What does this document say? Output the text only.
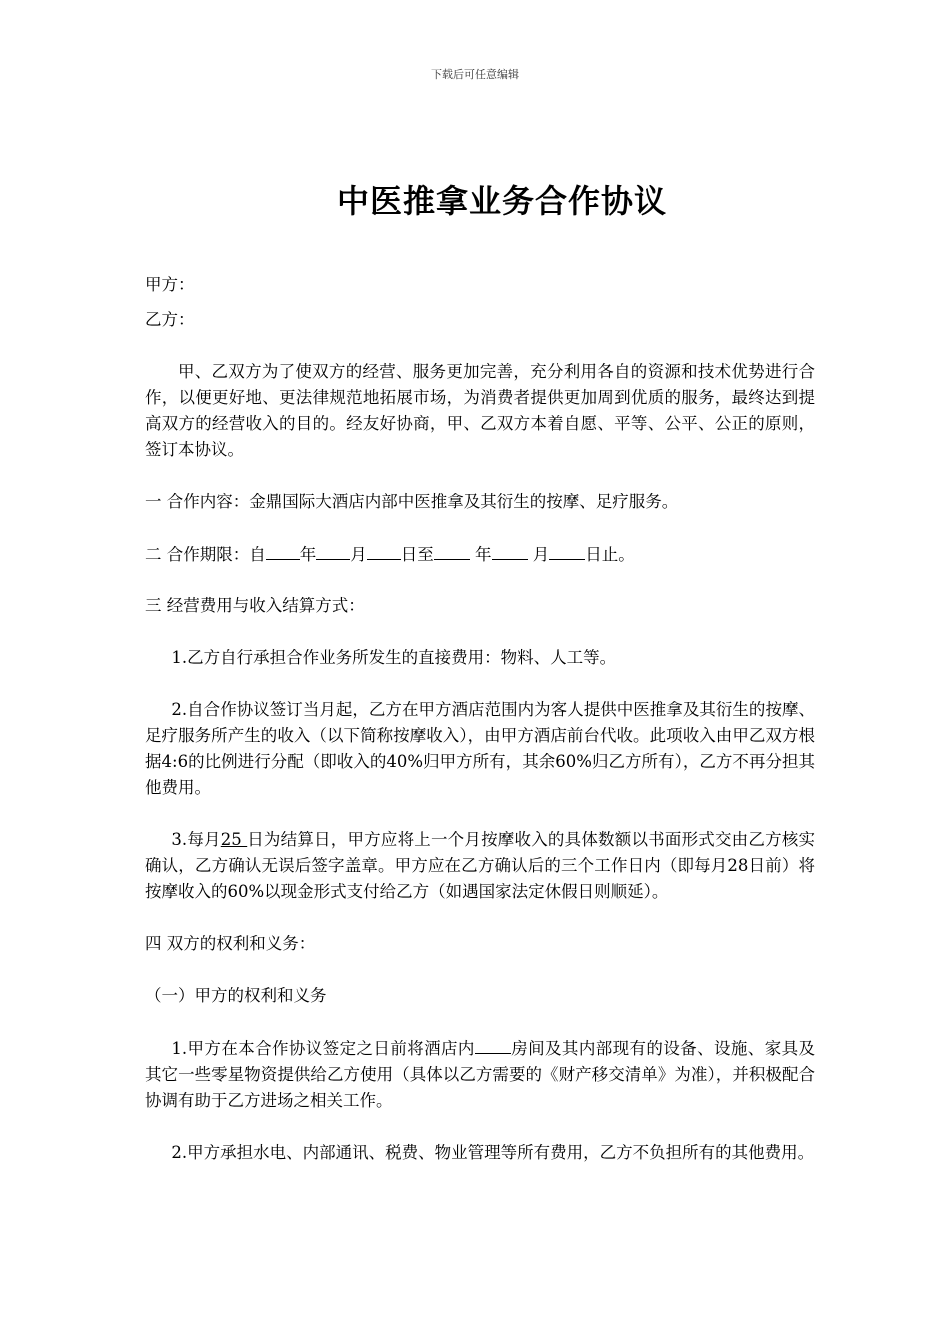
下载后可任意编辑
中医推拿业务合作协议
甲方：
乙方：

甲、乙双方为了使双方的经营、服务更加完善，充分利用各自的资源和技术优势进行合作，以便更好地、更法律规范地拓展市场，为消费者提供更加周到优质的服务，最终达到提高双方的经营收入的目的。经友好协商，甲、乙双方本着自愿、平等、公平、公正的原则，签订本协议。

一 合作内容：金鼎国际大酒店内部中医推拿及其衍生的按摩、足疗服务。
二 合作期限：自 年 月 日至 年 月 日止。
三 经营费用与收入结算方式：

1.乙方自行承担合作业务所发生的直接费用：物料、人工等。

2.自合作协议签订当月起，乙方在甲方酒店范围内为客人提供中医推拿及其衍生的按摩、足疗服务所产生的收入（以下简称按摩收入），由甲方酒店前台代收。此项收入由甲乙双方根据4:6的比例进行分配（即收入的40%归甲方所有，其余60%归乙方所有），乙方不再分担其他费用。

3.每月25 日为结算日，甲方应将上一个月按摩收入的具体数额以书面形式交由乙方核实确认，乙方确认无误后签字盖章。甲方应在乙方确认后的三个工作日内（即每月28日前）将按摩收入的60%以现金形式支付给乙方（如遇国家法定休假日则顺延）。

四 双方的权利和义务：
（一）甲方的权利和义务

1.甲方在本合作协议签定之日前将酒店内 房间及其内部现有的设备、设施、家具及其它一些零星物资提供给乙方使用（具体以乙方需要的《财产移交清单》为准），并积极配合协调有助于乙方进场之相关工作。

2.甲方承担水电、内部通讯、税费、物业管理等所有费用，乙方不负担所有的其他费用。
